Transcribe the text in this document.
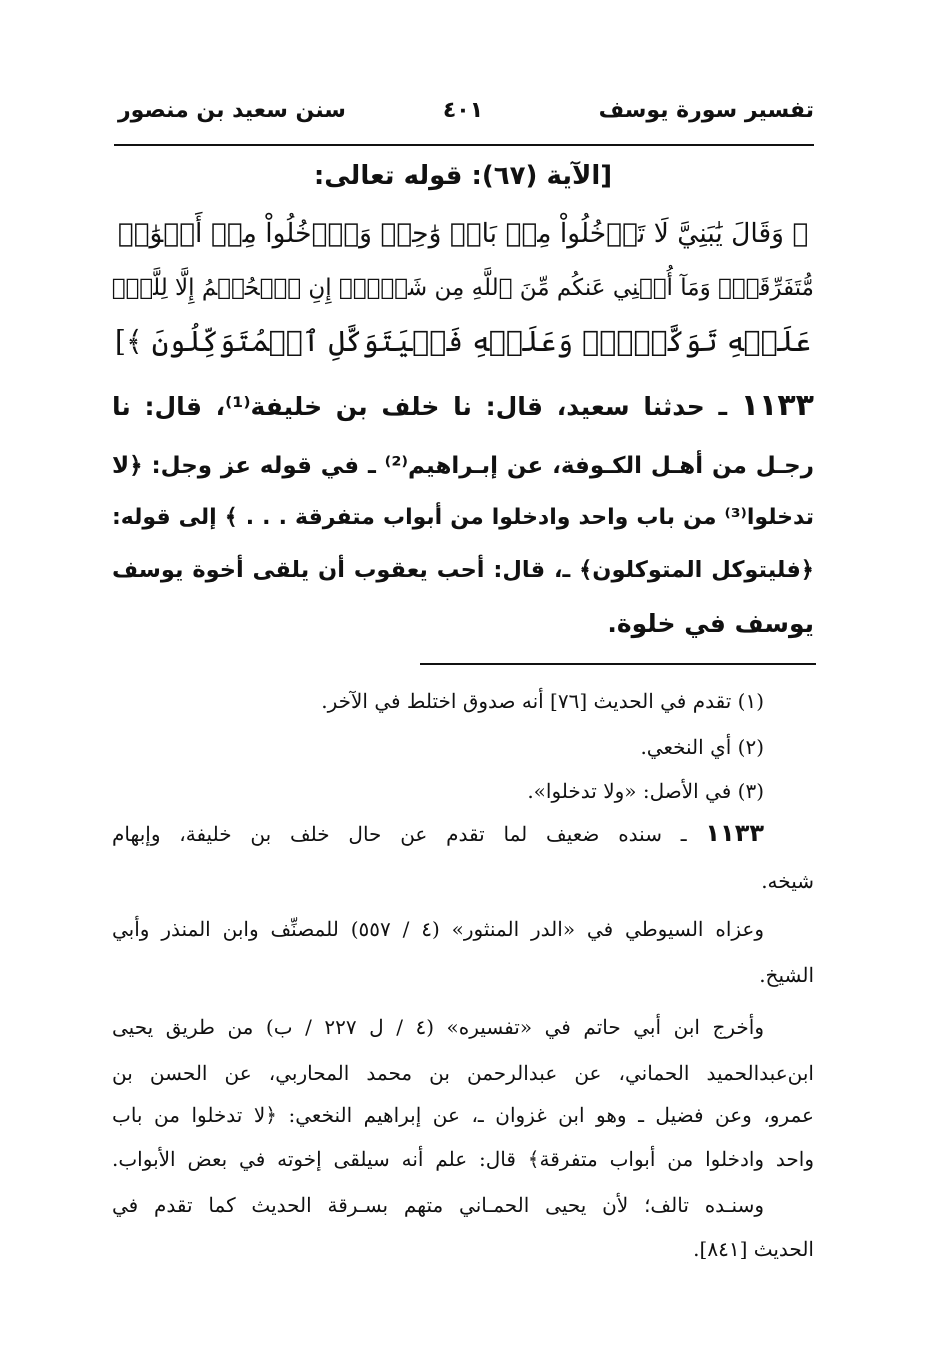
تفسير سورة يوسف
٤٠١
سنن سعيد بن منصور
[الآية (٦٧): قوله تعالى:
﴿ وَقَالَ يَٰبَنِيَّ لَا تَدۡخُلُواْ مِنۢ بَابٖ وَٰحِدٖ وَٱدۡخُلُواْ مِنۡ أَبۡوَٰبٖ
مُّتَفَرِّقَةٖۖ وَمَآ أُغۡنِي عَنكُم مِّنَ ٱللَّهِ مِن شَيۡءٍۖ إِنِ ٱلۡحُكۡمُ إِلَّا لِلَّهِۖ
عَلَيۡهِ تَوَكَّلۡتُۖ وَعَلَيۡهِ فَلۡيَتَوَكَّلِ ٱلۡمُتَوَكِّلُونَ ﴾]
١١٣٣ ـ حدثنا سعيد، قال: نا خلف بن خليفة⁽¹⁾، قال: نا
رجـل من أهـل الكـوفة، عن إبـراهيم⁽²⁾ ـ في قوله عز وجل: ﴿لا
تدخلوا⁽³⁾ من باب واحد وادخلوا من أبواب متفرقة . . . ﴾ إلى قوله:
﴿فليتوكل المتوكلون﴾ ـ، قال: أحب يعقوب أن يلقى أخوة يوسف
يوسف في خلوة.
(١) تقدم في الحديث [٧٦] أنه صدوق اختلط في الآخر.
(٢) أي النخعي.
(٣) في الأصل: «ولا تدخلوا».
١١٣٣ ـ سنده ضعيف لما تقدم عن حال خلف بن خليفة، وإبهام
شيخه.
وعزاه السيوطي في «الدر المنثور» (٤ / ٥٥٧) للمصنِّف وابن المنذر وأبي
الشيخ.
وأخرج ابن أبي حاتم في «تفسيره» (٤ / ل ٢٢٧ / ب) من طريق يحيى
ابن‌عبدالحميد الحماني، عن عبدالرحمن بن محمد المحاربي، عن الحسن بن
عمرو، وعن فضيل ـ وهو ابن غزوان ـ، عن إبراهيم النخعي: ﴿لا تدخلوا من باب
واحد وادخلوا من أبواب متفرقة﴾ قال: علم أنه سيلقى إخوته في بعض الأبواب.
وسنـده تالف؛ لأن يحيى الحمـاني متهم بسـرقة الحديث كما تقدم في
الحديث [٨٤١].
